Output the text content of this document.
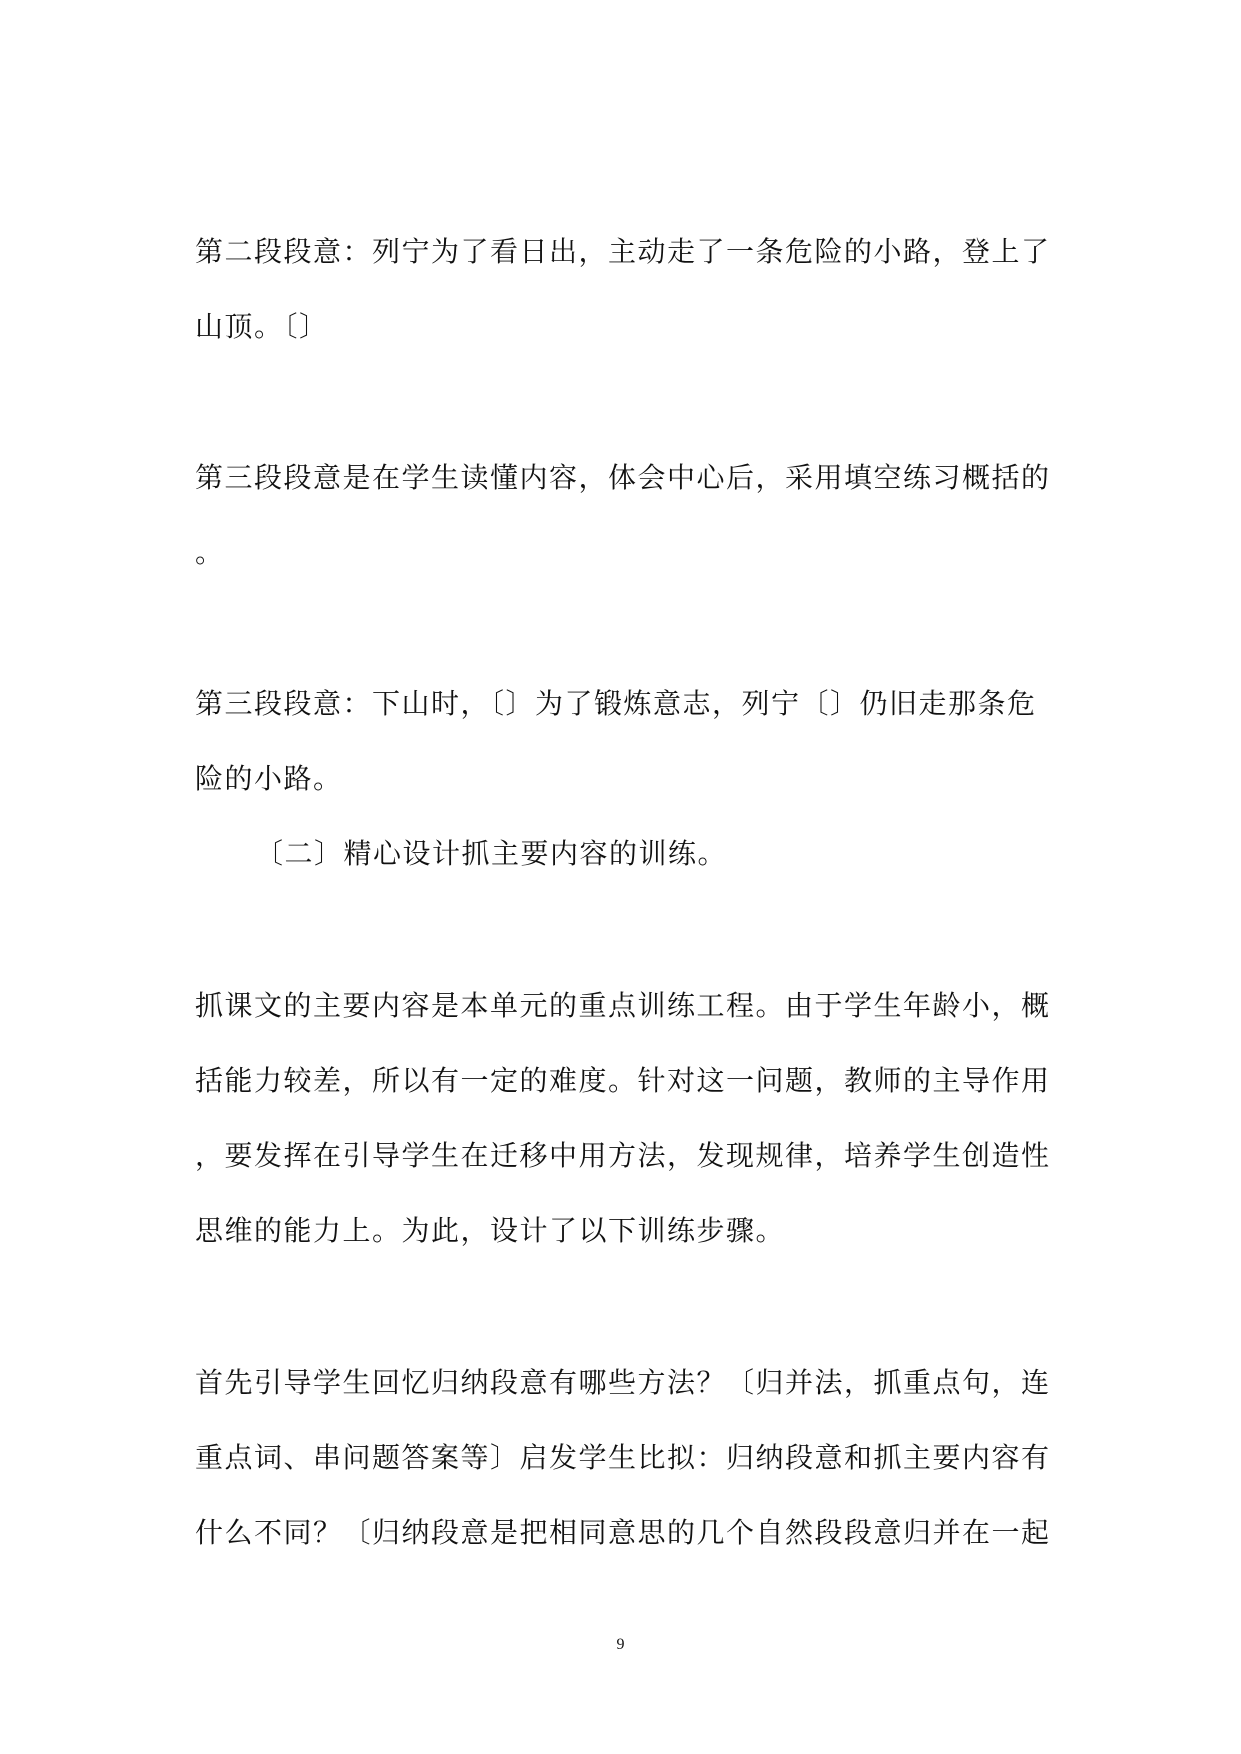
第二段段意：列宁为了看日出，主动走了一条危险的小路，登上了
山顶。〔〕
第三段段意是在学生读懂内容，体会中心后，采用填空练习概括的
。
第三段段意：下山时，〔〕为了锻炼意志，列宁〔〕仍旧走那条危
险的小路。
〔二〕精心设计抓主要内容的训练。
抓课文的主要内容是本单元的重点训练工程。由于学生年龄小，概
括能力较差，所以有一定的难度。针对这一问题，教师的主导作用
，要发挥在引导学生在迁移中用方法，发现规律，培养学生创造性
思维的能力上。为此，设计了以下训练步骤。
首先引导学生回忆归纳段意有哪些方法？〔归并法，抓重点句，连
重点词、串问题答案等〕启发学生比拟：归纳段意和抓主要内容有
什么不同？〔归纳段意是把相同意思的几个自然段段意归并在一起
9
